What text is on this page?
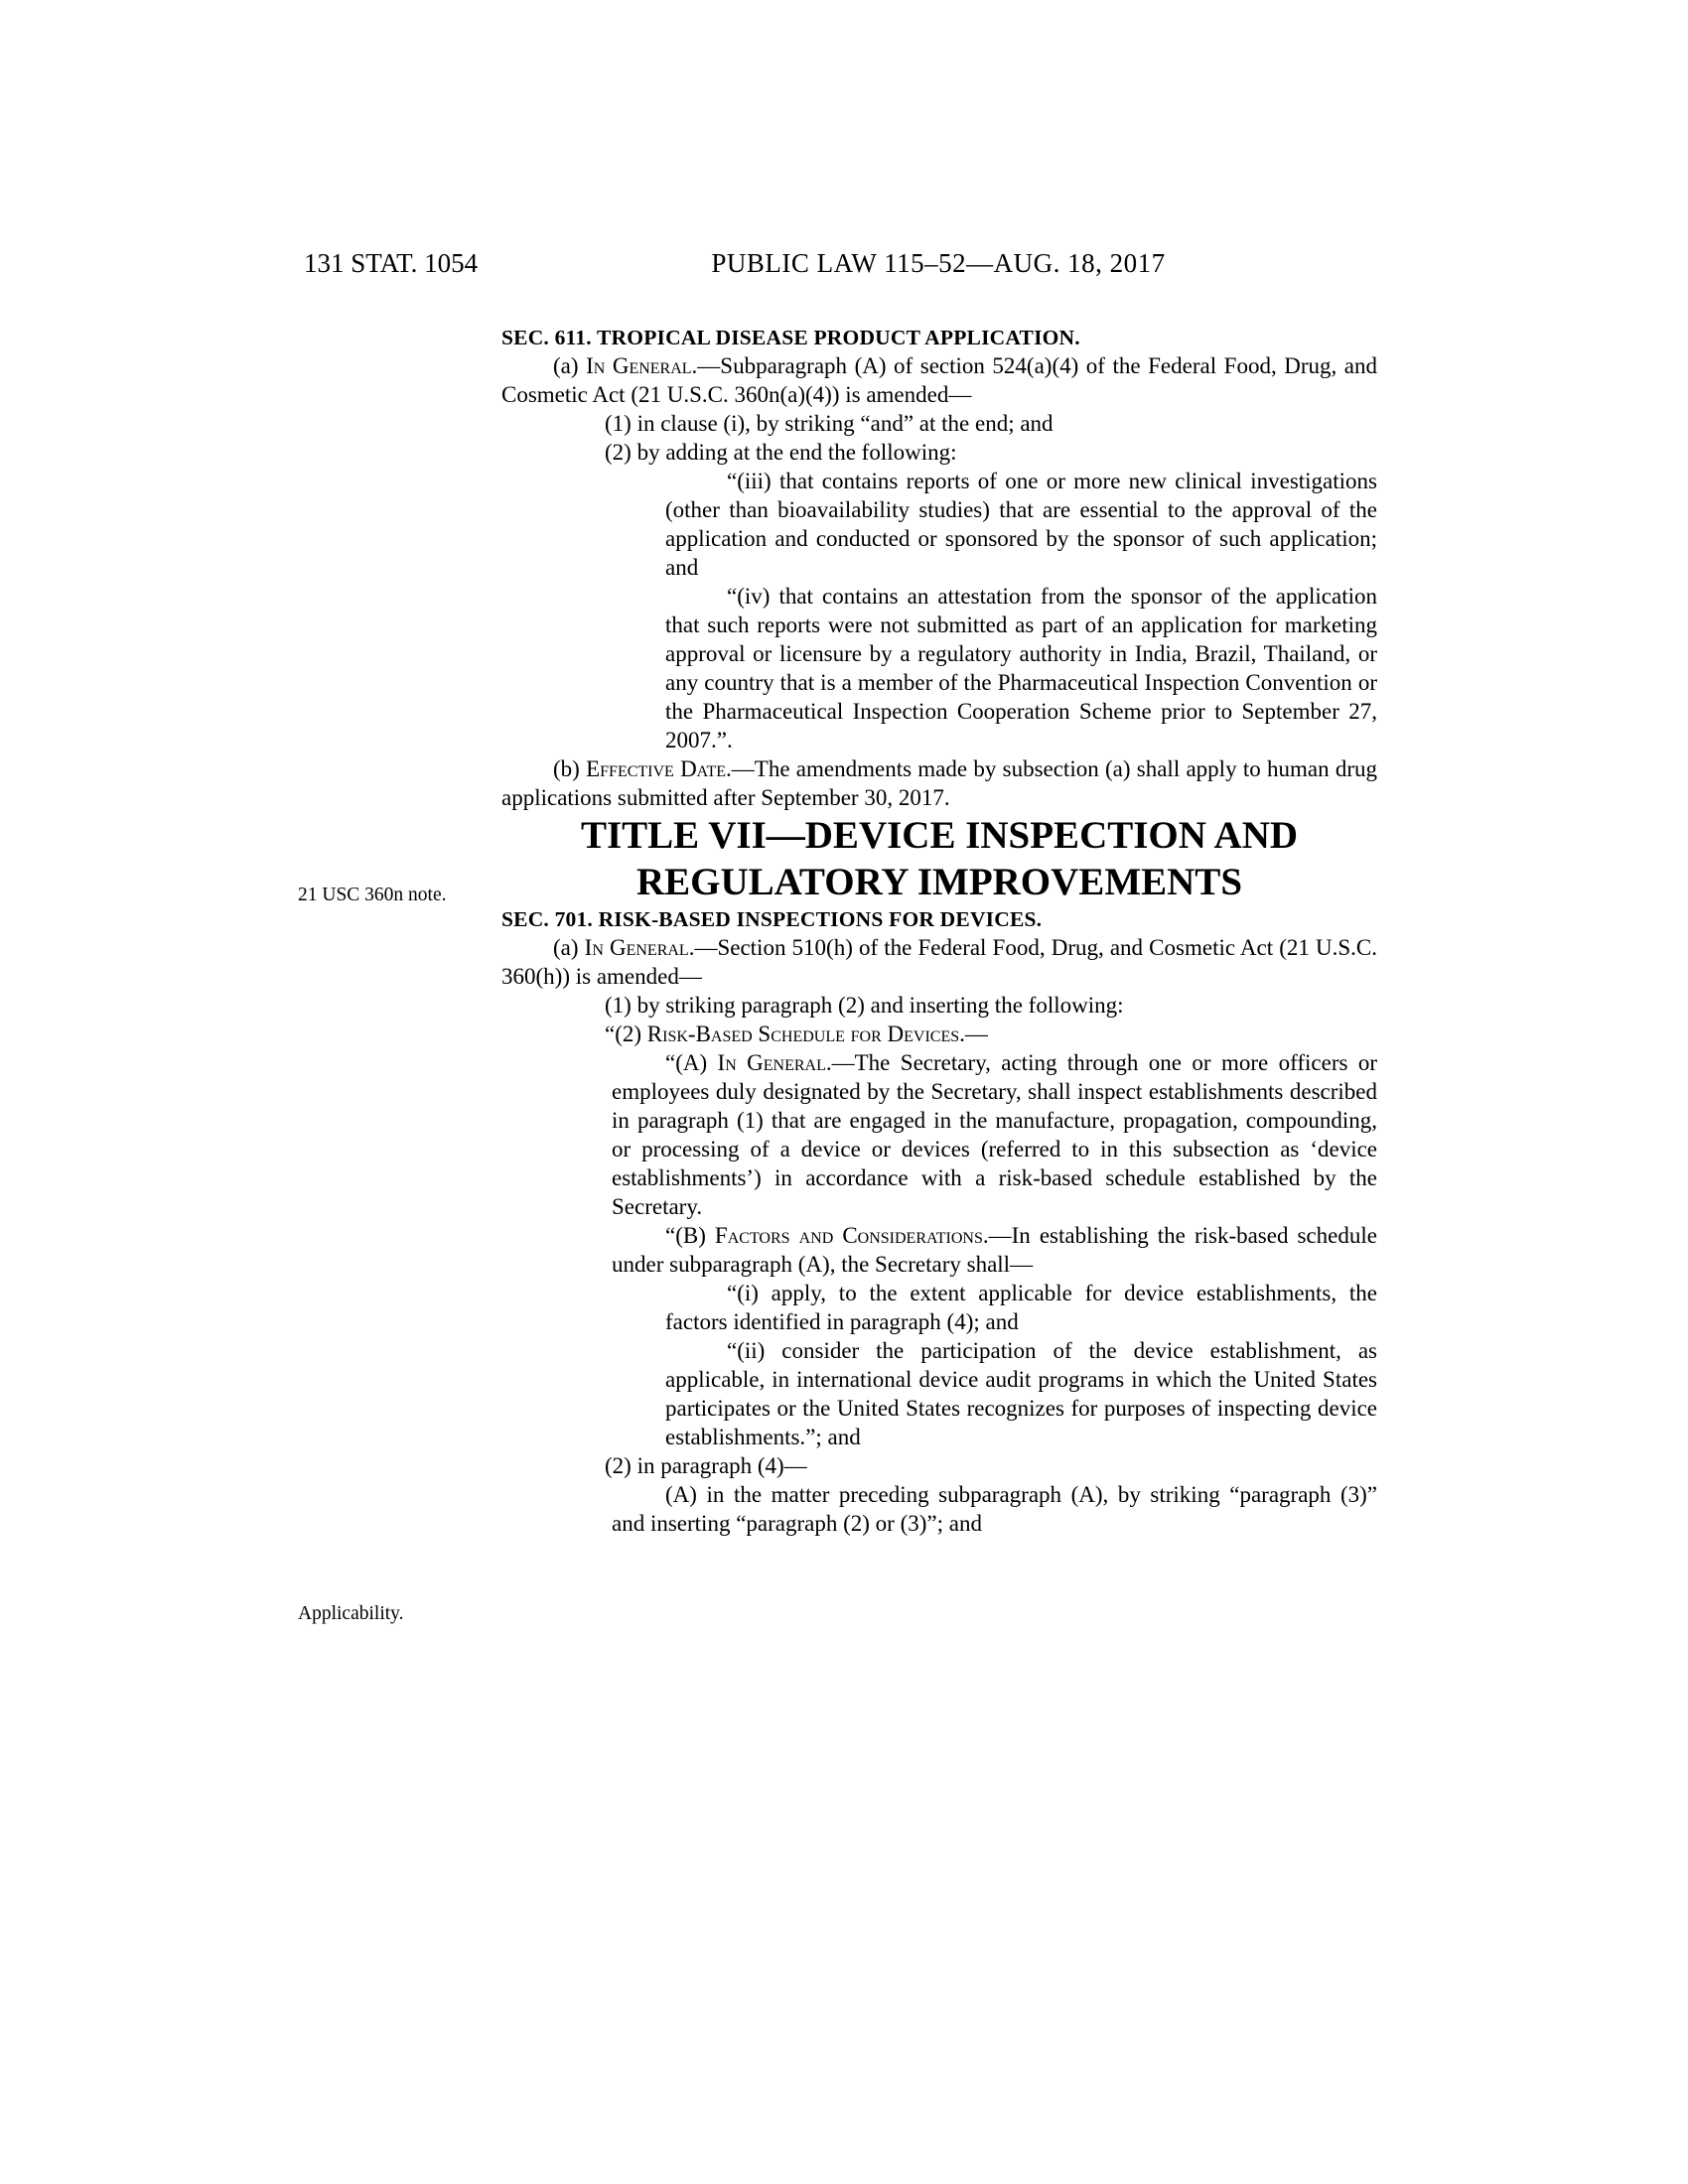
131 STAT. 1054	PUBLIC LAW 115–52—AUG. 18, 2017
21 USC 360n note.
Applicability.
SEC. 611. TROPICAL DISEASE PRODUCT APPLICATION.
(a) In General.—Subparagraph (A) of section 524(a)(4) of the Federal Food, Drug, and Cosmetic Act (21 U.S.C. 360n(a)(4)) is amended—
(1) in clause (i), by striking “and” at the end; and
(2) by adding at the end the following:
“(iii) that contains reports of one or more new clinical investigations (other than bioavailability studies) that are essential to the approval of the application and conducted or sponsored by the sponsor of such application; and
“(iv) that contains an attestation from the sponsor of the application that such reports were not submitted as part of an application for marketing approval or licensure by a regulatory authority in India, Brazil, Thailand, or any country that is a member of the Pharmaceutical Inspection Convention or the Pharmaceutical Inspection Cooperation Scheme prior to September 27, 2007.”.
(b) Effective Date.—The amendments made by subsection (a) shall apply to human drug applications submitted after September 30, 2017.
TITLE VII—DEVICE INSPECTION AND
REGULATORY IMPROVEMENTS
SEC. 701. RISK-BASED INSPECTIONS FOR DEVICES.
(a) In General.—Section 510(h) of the Federal Food, Drug, and Cosmetic Act (21 U.S.C. 360(h)) is amended—
(1) by striking paragraph (2) and inserting the following:
“(2) Risk-Based Schedule for Devices.—
“(A) In General.—The Secretary, acting through one or more officers or employees duly designated by the Secretary, shall inspect establishments described in paragraph (1) that are engaged in the manufacture, propagation, compounding, or processing of a device or devices (referred to in this subsection as ‘device establishments’) in accordance with a risk-based schedule established by the Secretary.
“(B) Factors and Considerations.—In establishing the risk-based schedule under subparagraph (A), the Secretary shall—
“(i) apply, to the extent applicable for device establishments, the factors identified in paragraph (4); and
“(ii) consider the participation of the device establishment, as applicable, in international device audit programs in which the United States participates or the United States recognizes for purposes of inspecting device establishments.”; and
(2) in paragraph (4)—
(A) in the matter preceding subparagraph (A), by striking “paragraph (3)” and inserting “paragraph (2) or (3)”; and
